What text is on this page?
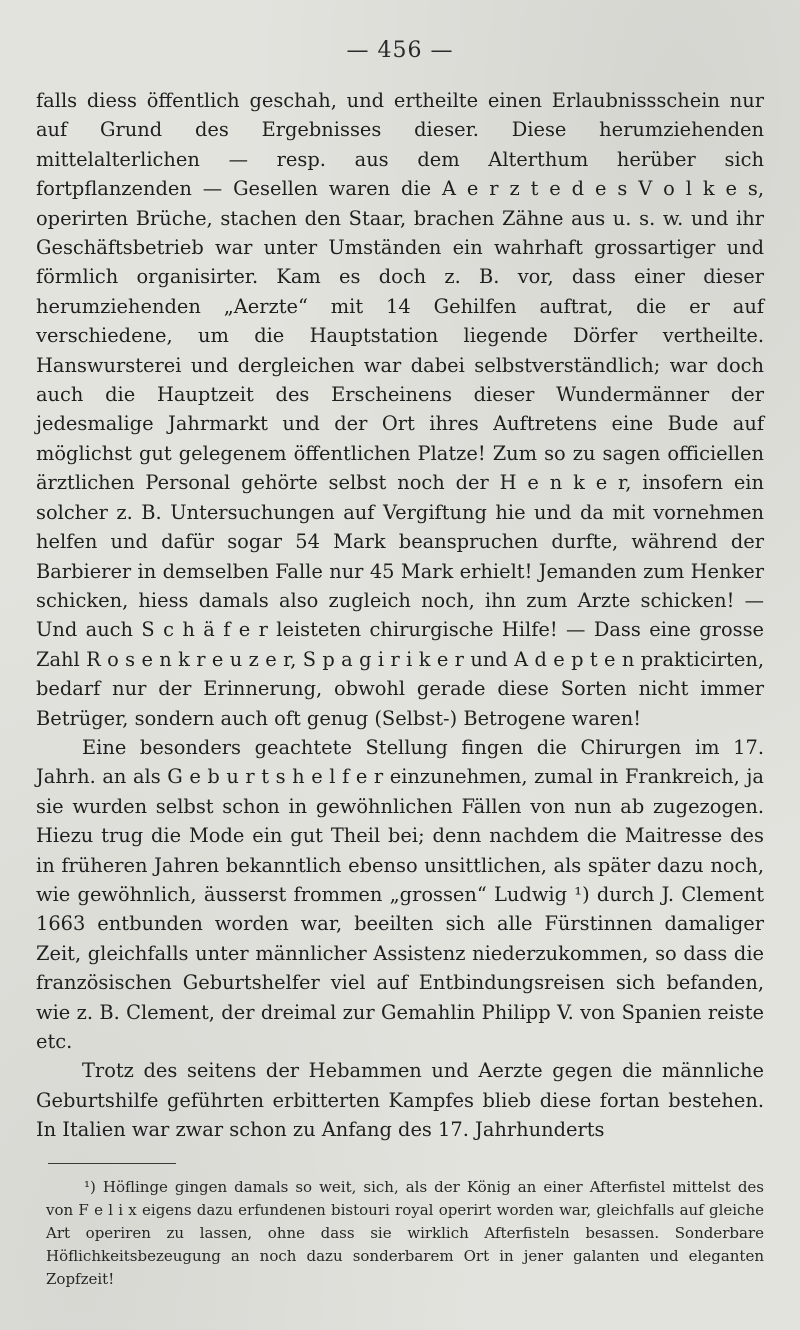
— 456 —

falls diess öffentlich geschah, und ertheilte einen Erlaubnissschein nur auf Grund des Ergebnisses dieser. Diese herumziehenden mittelalterlichen — resp. aus dem Alterthum herüber sich fortpflanzenden — Gesellen waren die A e r z t e d e s V o l k e s, operirten Brüche, stachen den Staar, brachen Zähne aus u. s. w. und ihr Geschäftsbetrieb war unter Umständen ein wahrhaft grossartiger und förmlich organisirter. Kam es doch z. B. vor, dass einer dieser herumziehenden „Aerzte“ mit 14 Gehilfen auftrat, die er auf verschiedene, um die Hauptstation liegende Dörfer vertheilte. Hanswursterei und dergleichen war dabei selbstverständlich; war doch auch die Hauptzeit des Erscheinens dieser Wundermänner der jedesmalige Jahrmarkt und der Ort ihres Auftretens eine Bude auf möglichst gut gelegenem öffentlichen Platze! Zum so zu sagen officiellen ärztlichen Personal gehörte selbst noch der H e n k e r, insofern ein solcher z. B. Untersuchungen auf Vergiftung hie und da mit vornehmen helfen und dafür sogar 54 Mark beanspruchen durfte, während der Barbierer in demselben Falle nur 45 Mark erhielt! Jemanden zum Henker schicken, hiess damals also zugleich noch, ihn zum Arzte schicken! — Und auch S c h ä f e r leisteten chirurgische Hilfe! — Dass eine grosse Zahl R o s e n k r e u z e r, S p a g i r i k e r und A d e p t e n prakticirten, bedarf nur der Erinnerung, obwohl gerade diese Sorten nicht immer Betrüger, sondern auch oft genug (Selbst-) Betrogene waren!

Eine besonders geachtete Stellung fingen die Chirurgen im 17. Jahrh. an als G e b u r t s h e l f e r einzunehmen, zumal in Frankreich, ja sie wurden selbst schon in gewöhnlichen Fällen von nun ab zugezogen. Hiezu trug die Mode ein gut Theil bei; denn nachdem die Maitresse des in früheren Jahren bekanntlich ebenso unsittlichen, als später dazu noch, wie gewöhnlich, äusserst frommen „grossen“ Ludwig ¹) durch J. Clement 1663 entbunden worden war, beeilten sich alle Fürstinnen damaliger Zeit, gleichfalls unter männlicher Assistenz niederzukommen, so dass die französischen Geburtshelfer viel auf Entbindungsreisen sich befanden, wie z. B. Clement, der dreimal zur Gemahlin Philipp V. von Spanien reiste etc.

Trotz des seitens der Hebammen und Aerzte gegen die männliche Geburtshilfe geführten erbitterten Kampfes blieb diese fortan bestehen. In Italien war zwar schon zu Anfang des 17. Jahrhunderts

¹) Höflinge gingen damals so weit, sich, als der König an einer Afterfistel mittelst des von F e l i x eigens dazu erfundenen bistouri royal operirt worden war, gleichfalls auf gleiche Art operiren zu lassen, ohne dass sie wirklich Afterfisteln besassen. Sonderbare Höflichkeitsbezeugung an noch dazu sonderbarem Ort in jener galanten und eleganten Zopfzeit!
